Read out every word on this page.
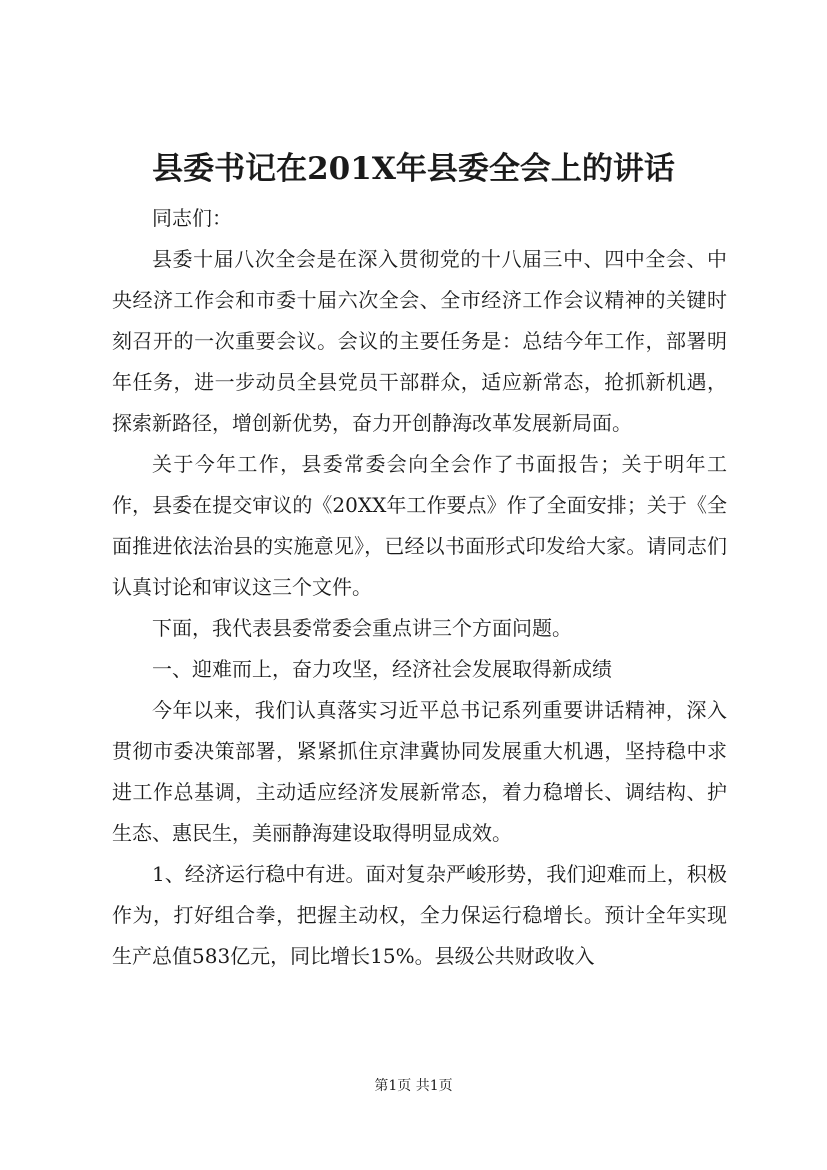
县委书记在201X年县委全会上的讲话

同志们：

县委十届八次全会是在深入贯彻党的十八届三中、四中全会、中央经济工作会和市委十届六次全会、全市经济工作会议精神的关键时刻召开的一次重要会议。会议的主要任务是：总结今年工作，部署明年任务，进一步动员全县党员干部群众，适应新常态，抢抓新机遇，探索新路径，增创新优势，奋力开创静海改革发展新局面。

关于今年工作，县委常委会向全会作了书面报告；关于明年工作，县委在提交审议的《20XX年工作要点》作了全面安排；关于《全面推进依法治县的实施意见》，已经以书面形式印发给大家。请同志们认真讨论和审议这三个文件。

下面，我代表县委常委会重点讲三个方面问题。

一、迎难而上，奋力攻坚，经济社会发展取得新成绩

今年以来，我们认真落实习近平总书记系列重要讲话精神，深入贯彻市委决策部署，紧紧抓住京津冀协同发展重大机遇，坚持稳中求进工作总基调，主动适应经济发展新常态，着力稳增长、调结构、护生态、惠民生，美丽静海建设取得明显成效。

1、经济运行稳中有进。面对复杂严峻形势，我们迎难而上，积极作为，打好组合拳，把握主动权，全力保运行稳增长。预计全年实现生产总值583亿元，同比增长15%。县级公共财政收入

第1页 共1页
